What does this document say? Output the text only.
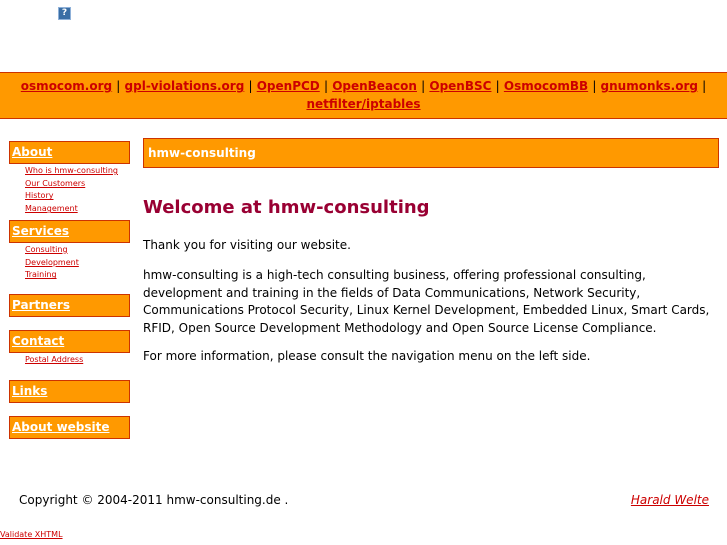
?
osmocom.org | gpl-violations.org | OpenPCD | OpenBeacon | OpenBSC | OsmocomBB | gnumonks.org |
netfilter/iptables
About
Who is hmw-consulting
Our Customers
History
Management
Services
Consulting
Development
Training
Partners
Contact
Postal Address
Links
About website
hmw-consulting
Welcome at hmw-consulting

Thank you for visiting our website.

hmw-consulting is a high-tech consulting business, offering professional consulting, development and training in the fields of Data Communications, Network Security, Communications Protocol Security, Linux Kernel Development, Embedded Linux, Smart Cards, RFID, Open Source Development Methodology and Open Source License Compliance.

For more information, please consult the navigation menu on the left side.

Copyright © 2004-2011 hmw-consulting.de .	Harald Welte
Validate XHTML
